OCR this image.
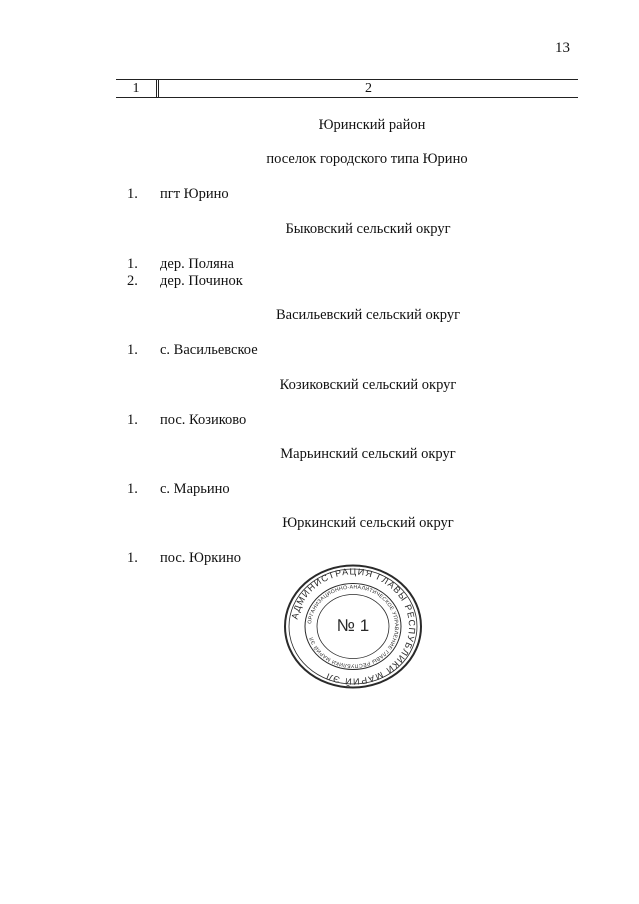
13
1	2
Юринский район
поселок городского типа Юрино
1. пгт Юрино
Быковский сельский округ
1. дер. Поляна
2. дер. Починок
Васильевский сельский округ
1. с. Васильевское
Козиковский сельский округ
1. пос. Козиково
Марьинский сельский округ
1. с. Марьино
Юркинский сельский округ
1. пос. Юркино
АДМИНИСТРАЦИЯ ГЛАВЫ РЕСПУБЛИКИ МАРИЙ ЭЛ
ОРГАНИЗАЦИОННО-АНАЛИТИЧЕСКОЕ УПРАВЛЕНИЕ ГЛАВЫ РЕСПУБЛИКИ МАРИЙ ЭЛ
№ 1
